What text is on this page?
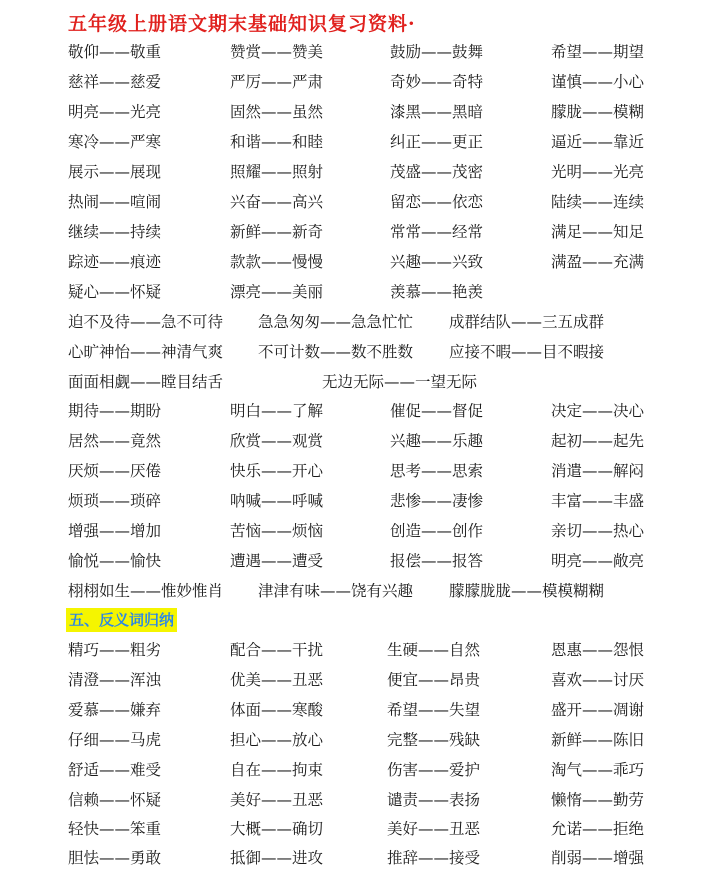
五年级上册语文期末基础知识复习资料·
敬仰——敬重	赞赏——赞美	鼓励——鼓舞	希望——期望
慈祥——慈爱	严厉——严肃	奇妙——奇特	谨慎——小心
明亮——光亮	固然——虽然	漆黑——黑暗	朦胧——模糊
寒冷——严寒	和谐——和睦	纠正——更正	逼近——靠近
展示——展现	照耀——照射	茂盛——茂密	光明——光亮
热闹——喧闹	兴奋——高兴	留恋——依恋	陆续——连续
继续——持续	新鲜——新奇	常常——经常	满足——知足
踪迹——痕迹	款款——慢慢	兴趣——兴致	满盈——充满
疑心——怀疑	漂亮——美丽	羡慕——艳羡
迫不及待——急不可待 急急匆匆——急急忙忙 成群结队——三五成群
心旷神怡——神清气爽 不可计数——数不胜数 应接不暇——目不暇接
面面相觑——瞠目结舌	无边无际——一望无际
期待——期盼	明白——了解	催促——督促	决定——决心
居然——竟然	欣赏——观赏	兴趣——乐趣	起初——起先
厌烦——厌倦	快乐——开心	思考——思索	消遣——解闷
烦琐——琐碎	呐喊——呼喊	悲惨——凄惨	丰富——丰盛
增强——增加	苦恼——烦恼	创造——创作	亲切——热心
愉悦——愉快	遭遇——遭受	报偿——报答	明亮——敞亮
栩栩如生——惟妙惟肖 津津有味——饶有兴趣 朦朦胧胧——模模糊糊
五、反义词归纳
精巧——粗劣	配合——干扰	生硬——自然	恩惠——怨恨
清澄——浑浊	优美——丑恶	便宜——昂贵	喜欢——讨厌
爱慕——嫌弃	体面——寒酸	希望——失望	盛开——凋谢
仔细——马虎	担心——放心	完整——残缺	新鲜——陈旧
舒适——难受	自在——拘束	伤害——爱护	淘气——乖巧
信赖——怀疑	美好——丑恶	谴责——表扬	懒惰——勤劳
轻快——笨重	大概——确切	美好——丑恶	允诺——拒绝
胆怯——勇敢	抵御——进攻	推辞——接受	削弱——增强
